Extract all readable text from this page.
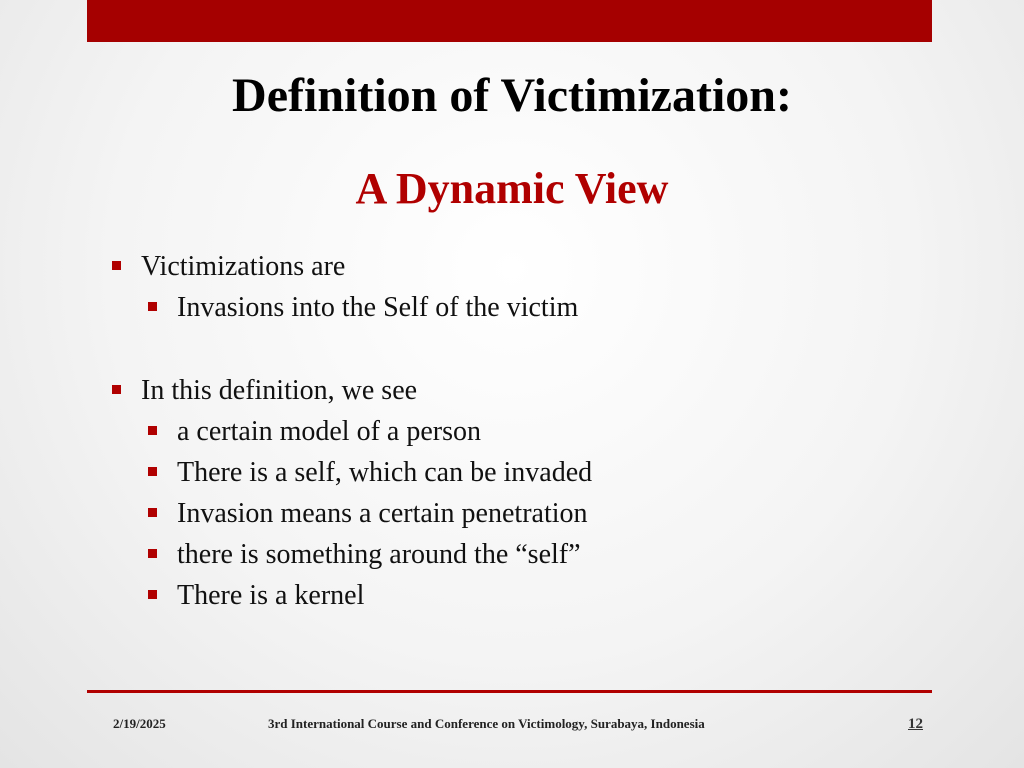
Definition of Victimization:
A Dynamic View
Victimizations are
Invasions into the Self of the victim
In this definition, we see
a certain model of a person
There is a self, which can be invaded
Invasion means a certain penetration
there is something around the “self”
There is a kernel
2/19/2025	3rd International Course and Conference on Victimology, Surabaya, Indonesia	12
